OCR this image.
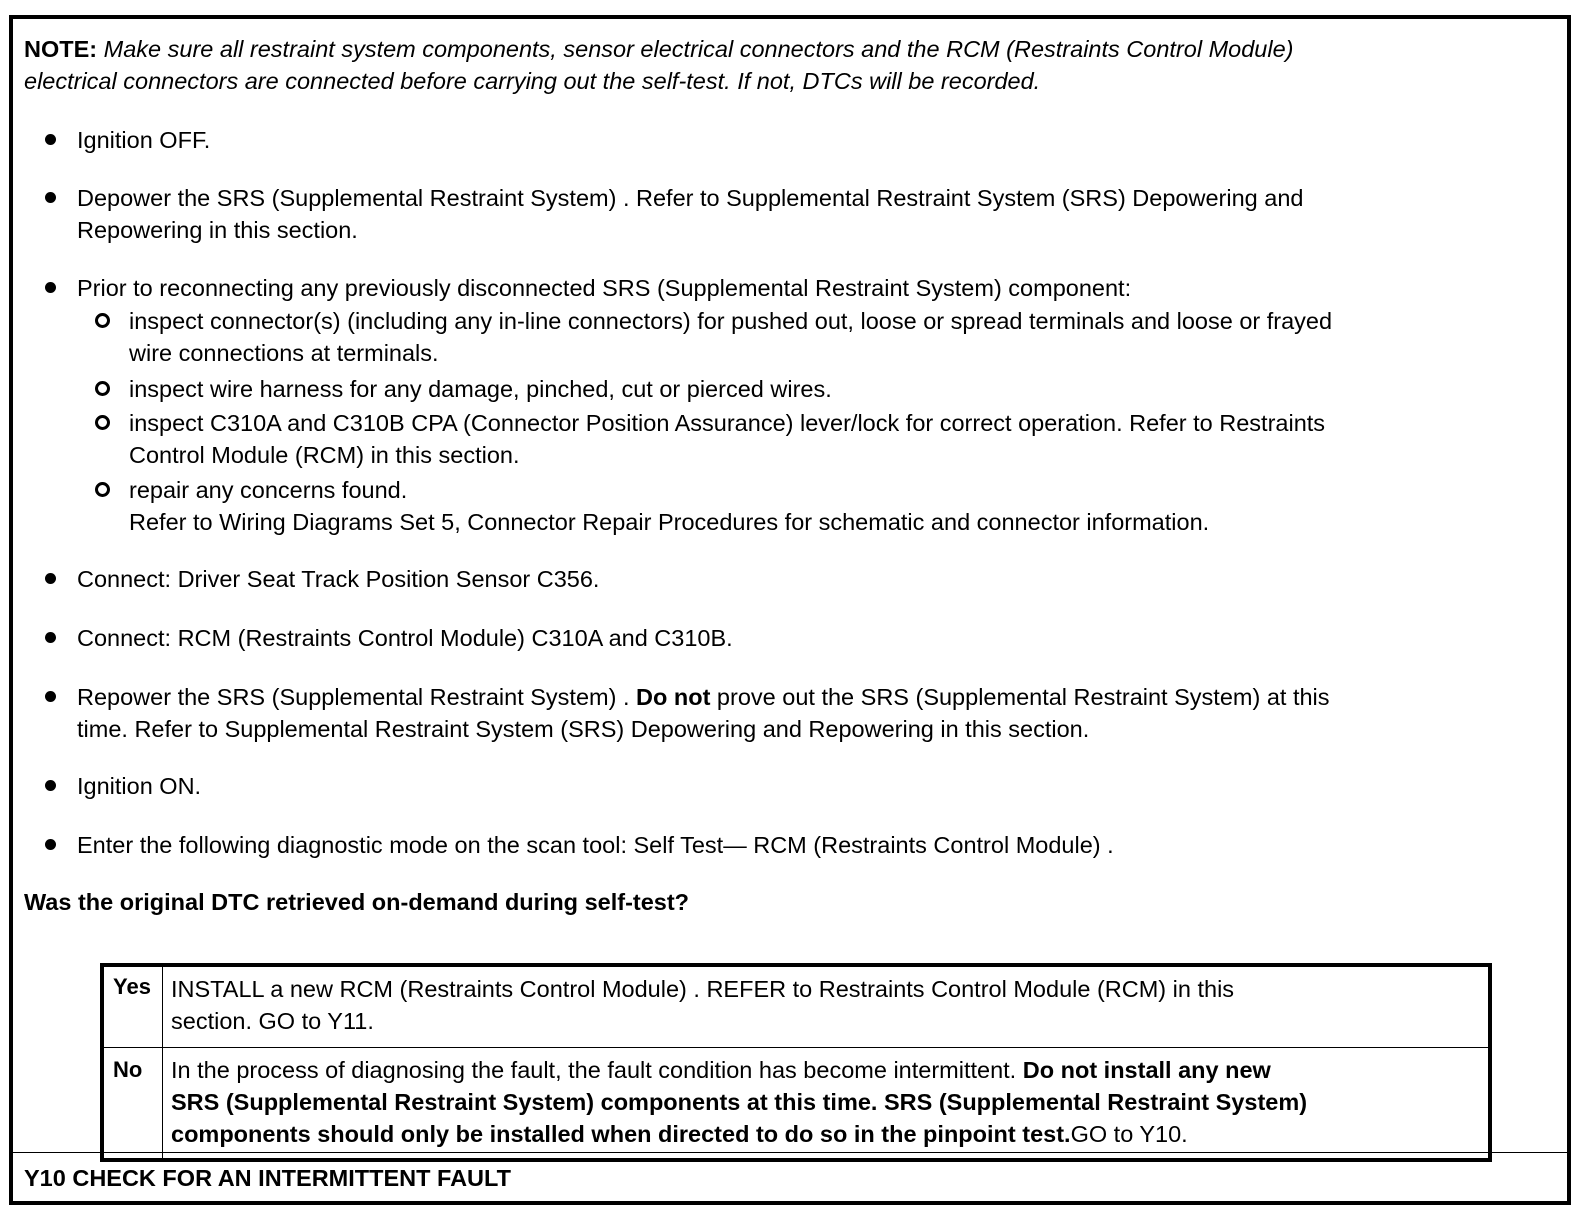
NOTE: Make sure all restraint system components, sensor electrical connectors and the RCM (Restraints Control Module)
electrical connectors are connected before carrying out the self-test. If not, DTCs will be recorded.
Ignition OFF.
Depower the SRS (Supplemental Restraint System) . Refer to Supplemental Restraint System (SRS) Depowering and
Repowering in this section.
Prior to reconnecting any previously disconnected SRS (Supplemental Restraint System) component:
inspect connector(s) (including any in-line connectors) for pushed out, loose or spread terminals and loose or frayed
wire connections at terminals.
inspect wire harness for any damage, pinched, cut or pierced wires.
inspect C310A and C310B CPA (Connector Position Assurance) lever/lock for correct operation. Refer to Restraints
Control Module (RCM) in this section.
repair any concerns found.
Refer to Wiring Diagrams Set 5, Connector Repair Procedures for schematic and connector information.
Connect: Driver Seat Track Position Sensor C356.
Connect: RCM (Restraints Control Module) C310A and C310B.
Repower the SRS (Supplemental Restraint System) . Do not prove out the SRS (Supplemental Restraint System) at this
time. Refer to Supplemental Restraint System (SRS) Depowering and Repowering in this section.
Ignition ON.
Enter the following diagnostic mode on the scan tool: Self Test— RCM (Restraints Control Module) .
Was the original DTC retrieved on-demand during self-test?
Yes INSTALL a new RCM (Restraints Control Module) . REFER to Restraints Control Module (RCM) in this
section. GO to Y11.
No In the process of diagnosing the fault, the fault condition has become intermittent. Do not install any new
SRS (Supplemental Restraint System) components at this time. SRS (Supplemental Restraint System)
components should only be installed when directed to do so in the pinpoint test.GO to Y10.
Y10 CHECK FOR AN INTERMITTENT FAULT
